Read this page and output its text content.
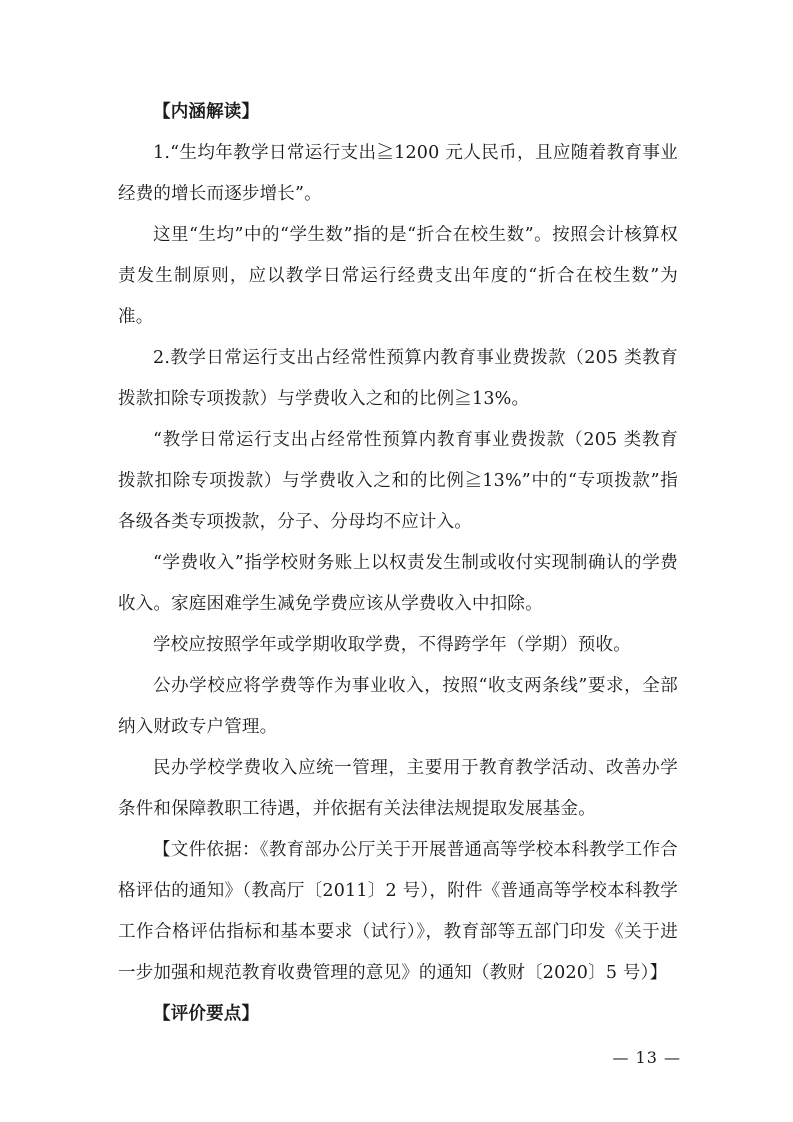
【内涵解读】

1.“生均年教学日常运行支出≧1200 元人民币，且应随着教育事业经费的增长而逐步增长”。

这里“生均”中的“学生数”指的是“折合在校生数”。按照会计核算权责发生制原则，应以教学日常运行经费支出年度的“折合在校生数”为准。

2.教学日常运行支出占经常性预算内教育事业费拨款（205 类教育拨款扣除专项拨款）与学费收入之和的比例≧13%。

“教学日常运行支出占经常性预算内教育事业费拨款（205 类教育拨款扣除专项拨款）与学费收入之和的比例≧13%”中的“专项拨款”指各级各类专项拨款，分子、分母均不应计入。

“学费收入”指学校财务账上以权责发生制或收付实现制确认的学费收入。家庭困难学生减免学费应该从学费收入中扣除。

学校应按照学年或学期收取学费，不得跨学年（学期）预收。

公办学校应将学费等作为事业收入，按照“收支两条线”要求，全部纳入财政专户管理。

民办学校学费收入应统一管理，主要用于教育教学活动、改善办学条件和保障教职工待遇，并依据有关法律法规提取发展基金。

【文件依据：《教育部办公厅关于开展普通高等学校本科教学工作合格评估的通知》（教高厅〔2011〕2 号），附件《普通高等学校本科教学工作合格评估指标和基本要求（试行）》，教育部等五部门印发《关于进一步加强和规范教育收费管理的意见》的通知（教财〔2020〕5 号）】

【评价要点】

— 13 —
